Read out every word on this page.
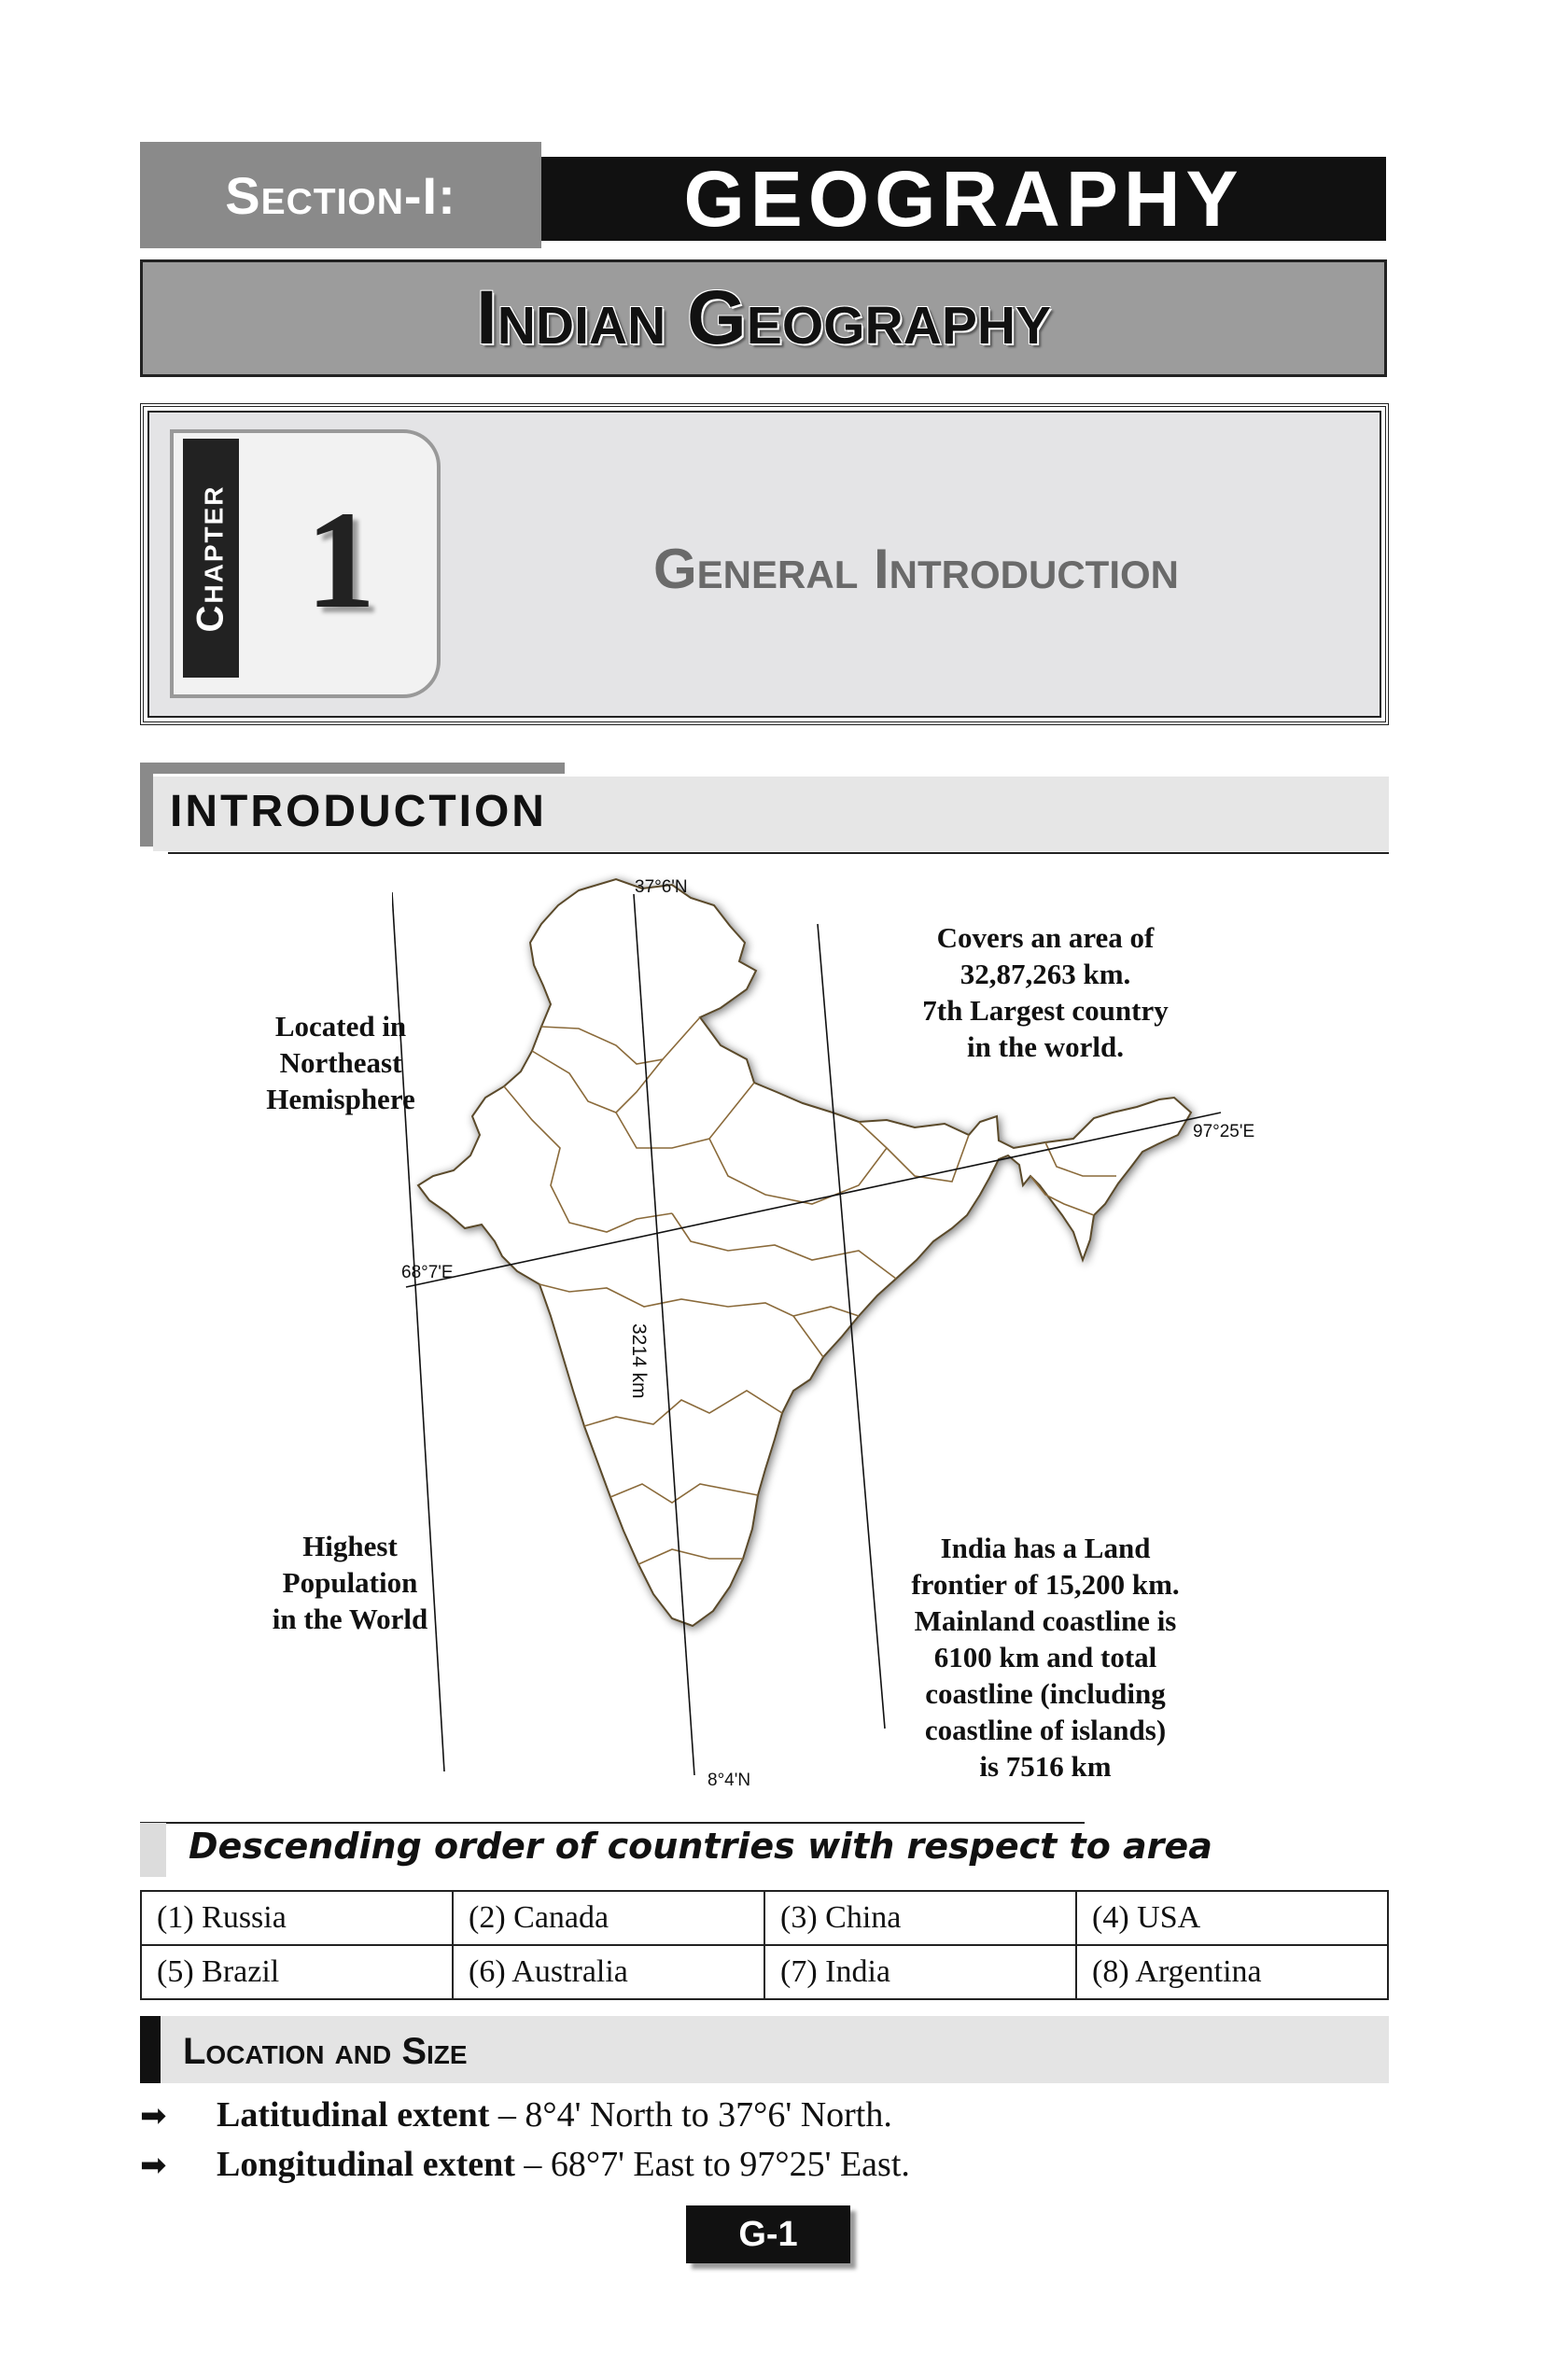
Section-I:	GEOGRAPHY
Indian Geography
Chapter 1	General Introduction
INTRODUCTION
37°6'N
8°4'N
68°7'E
97°25'E
3214 km
Located in
Northeast
Hemisphere
Covers an area of
32,87,263 km.
7th Largest country
in the world.
Highest
Population
in the World
India has a Land
frontier of 15,200 km.
Mainland coastline is
6100 km and total
coastline (including
coastline of islands)
is 7516 km
Descending order of countries with respect to area
(1) Russia	(2) Canada	(3) China	(4) USA
(5) Brazil	(6) Australia	(7) India	(8) Argentina
Location and Size
➡ Latitudinal extent – 8°4' North to 37°6' North.
➡ Longitudinal extent – 68°7' East to 97°25' East.
G-1
